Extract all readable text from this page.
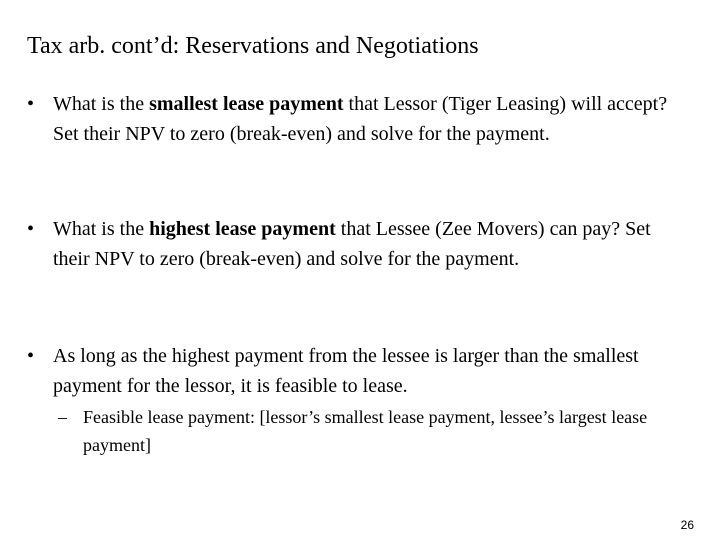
Tax arb. cont’d: Reservations and Negotiations
• What is the smallest lease payment that Lessor (Tiger Leasing) will accept? Set their NPV to zero (break-even) and solve for the payment.
• What is the highest lease payment that Lessee (Zee Movers) can pay? Set their NPV to zero (break-even) and solve for the payment.
• As long as the highest payment from the lessee is larger than the smallest payment for the lessor, it is feasible to lease.
– Feasible lease payment: [lessor’s smallest lease payment, lessee’s largest lease payment]
26
